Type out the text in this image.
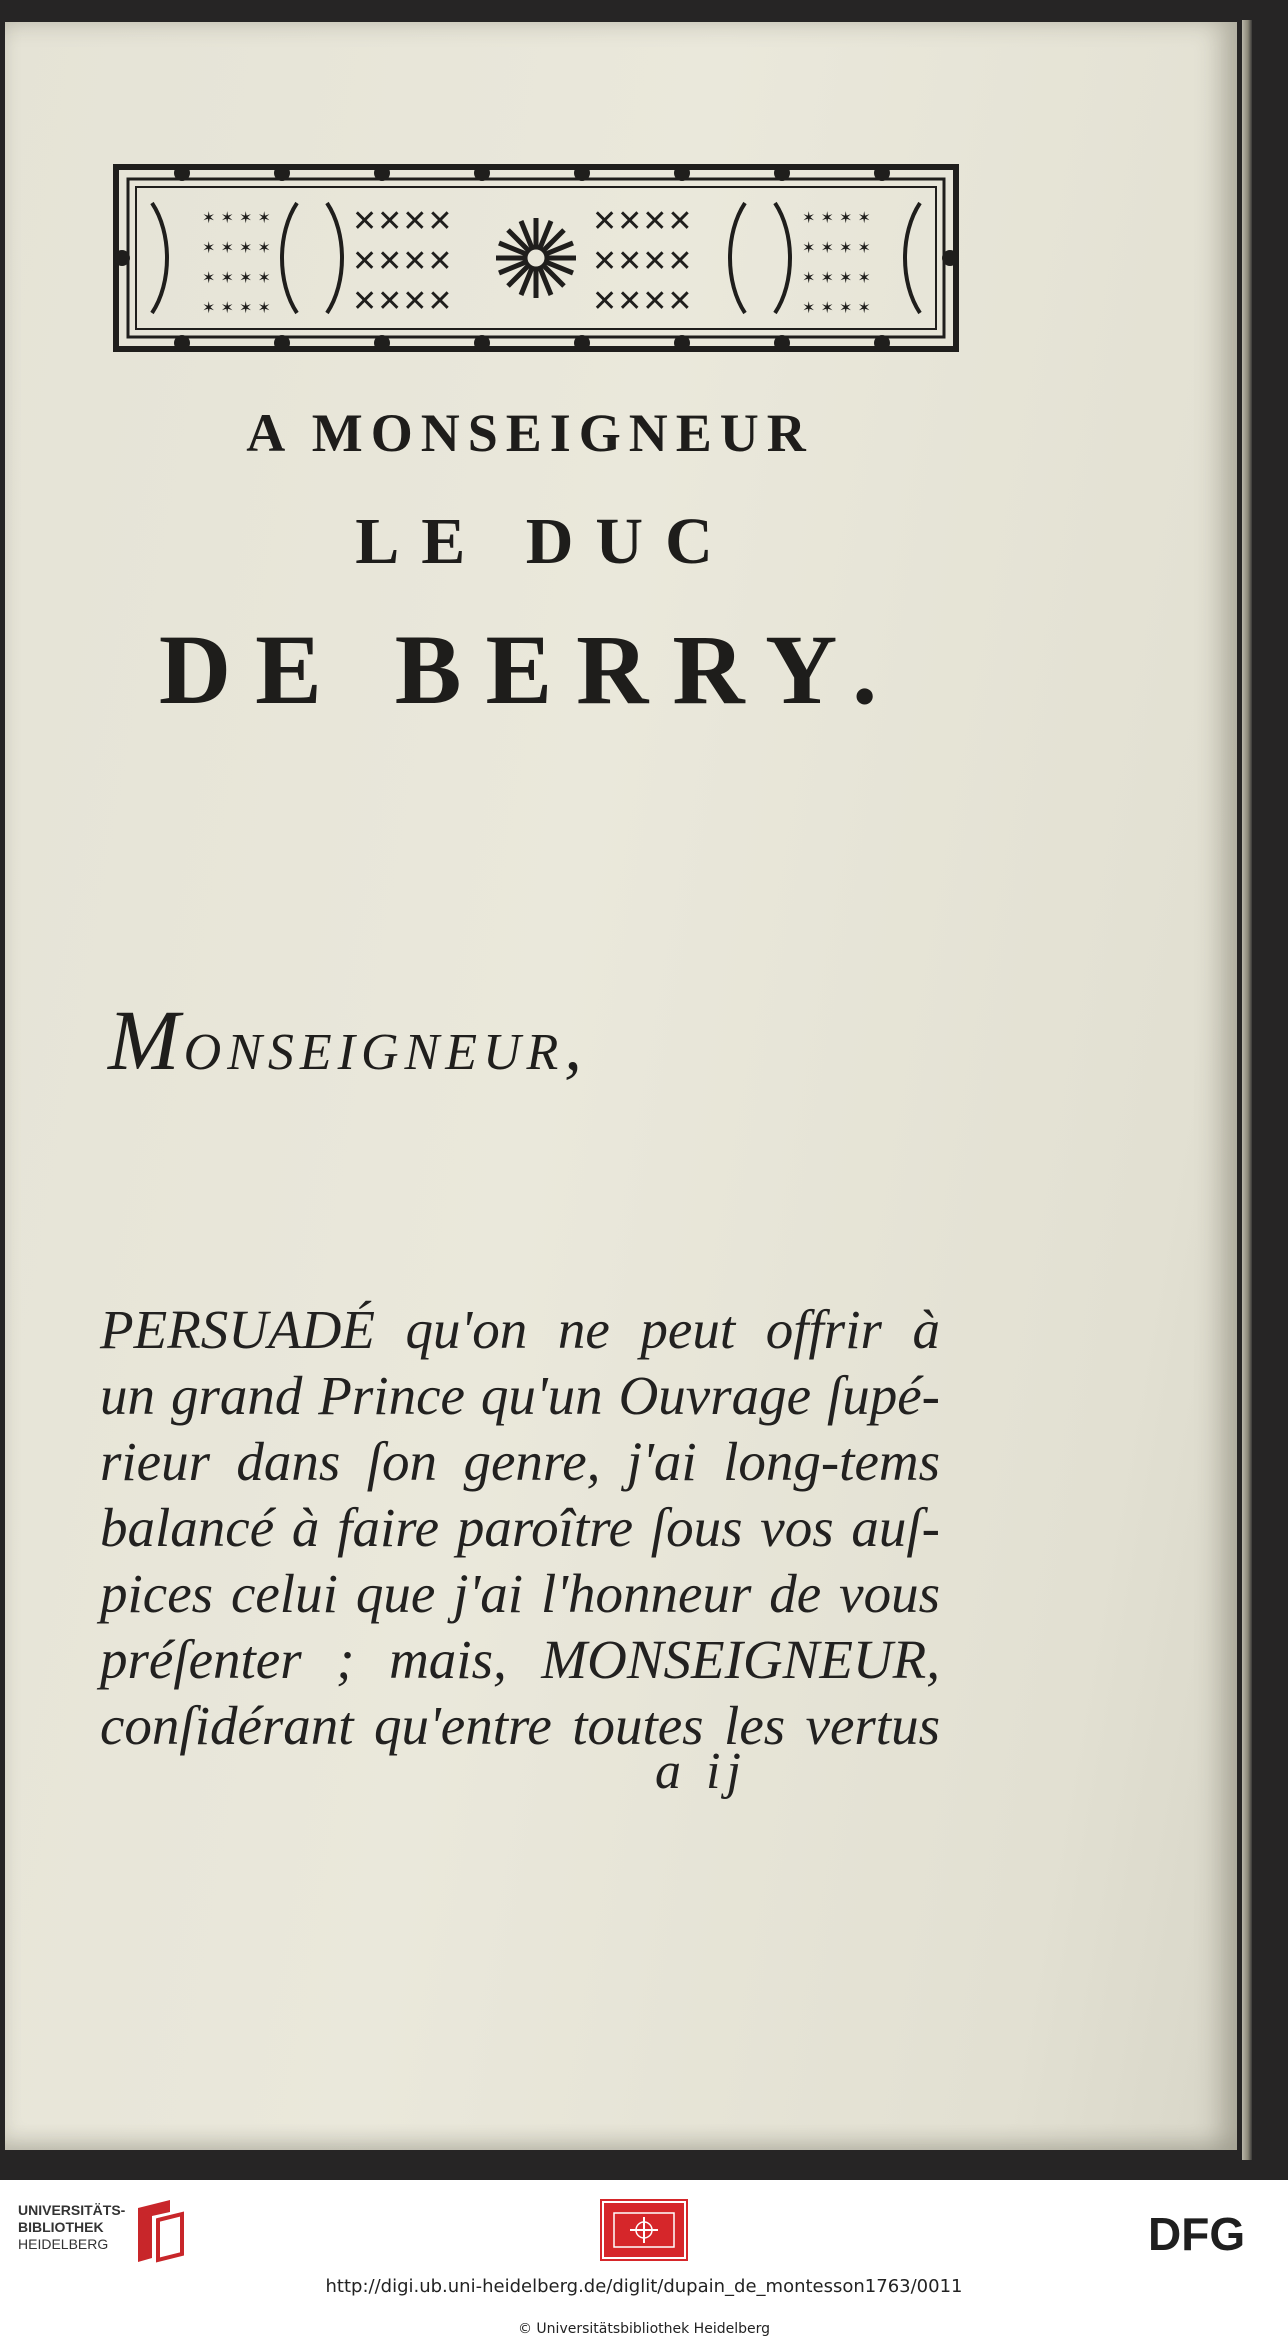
✶ ✶ ✶ ✶
✶ ✶ ✶ ✶
✶ ✶ ✶ ✶
✶ ✶ ✶ ✶
✶ ✶ ✶ ✶
✶ ✶ ✶ ✶
✶ ✶ ✶ ✶
✶ ✶ ✶ ✶
✕✕✕✕
✕✕✕✕
✕✕✕✕
✕✕✕✕
✕✕✕✕
✕✕✕✕
A MONSEIGNEUR
LE DUC
DE BERRY.

MONSEIGNEUR,

PERSUADÉ qu'on ne peut offrir à
un grand Prince qu'un Ouvrage ſupé-
rieur dans ſon genre, j'ai long-tems
balancé à faire paroître ſous vos auſ-
pices celui que j'ai l'honneur de vous
préſenter ; mais, MONSEIGNEUR,
conſidérant qu'entre toutes les vertus

a ij

UNIVERSITÄTS-
BIBLIOTHEK
HEIDELBERG	DFG
http://digi.ub.uni-heidelberg.de/diglit/dupain_de_montesson1763/0011
© Universitätsbibliothek Heidelberg
